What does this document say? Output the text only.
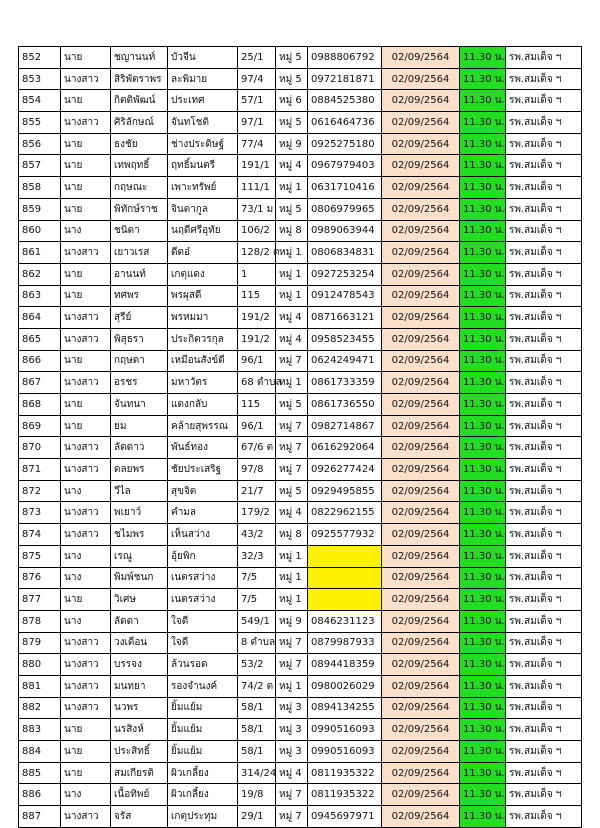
852	นาย	ชญานนท์	บัวจีน	25/1	หมู่ 5	0988806792	02/09/2564	11.30 น.	รพ.สมเด็จ ฯ
853	นางสาว	สิริพัตราพร	ละพิมาย	97/4	หมู่ 5	0972181871	02/09/2564	11.30 น.	รพ.สมเด็จ ฯ
854	นาย	กิตติพัฒน์	ประเทศ	57/1	หมู่ 6	0884525380	02/09/2564	11.30 น.	รพ.สมเด็จ ฯ
855	นางสาว	ศิริลักษณ์	จันทโชติ	97/1	หมู่ 5	0616464736	02/09/2564	11.30 น.	รพ.สมเด็จ ฯ
856	นาย	ธงชัย	ช่างประดิษฐ์	77/4	หมู่ 9	0925275180	02/09/2564	11.30 น.	รพ.สมเด็จ ฯ
857	นาย	เทพฤทธิ์	ฤทธิ์มนตรี	191/1	หมู่ 4	0967979403	02/09/2564	11.30 น.	รพ.สมเด็จ ฯ
858	นาย	กฤษณะ	เพาะทรัพย์	111/1	หมู่ 1	0631710416	02/09/2564	11.30 น.	รพ.สมเด็จ ฯ
859	นาย	พิทักษ์ราช	จินดากูล	73/1 ม	หมู่ 5	0806979965	02/09/2564	11.30 น.	รพ.สมเด็จ ฯ
860	นาง	ชนิดา	นฤดีศรีอุทัย	106/2	หมู่ 8	0989063944	02/09/2564	11.30 น.	รพ.สมเด็จ ฯ
861	นางสาว	เยาวเรส	ดีตอ๋	128/2 ต	หมู่ 1	0806834831	02/09/2564	11.30 น.	รพ.สมเด็จ ฯ
862	นาย	อานนท์	เกตุแดง	1	หมู่ 1	0927253254	02/09/2564	11.30 น.	รพ.สมเด็จ ฯ
863	นาย	ทศพร	พรผุสดี	115	หมู่ 1	0912478543	02/09/2564	11.30 น.	รพ.สมเด็จ ฯ
864	นางสาว	สุรีย์	พรหมมา	191/2	หมู่ 4	0871663121	02/09/2564	11.30 น.	รพ.สมเด็จ ฯ
865	นางสาว	พิสุธรา	ประกิตวรกุล	191/2	หมู่ 4	0958523455	02/09/2564	11.30 น.	รพ.สมเด็จ ฯ
866	นาย	กฤษดา	เหมือนสังข์ดี	96/1	หมู่ 7	0624249471	02/09/2564	11.30 น.	รพ.สมเด็จ ฯ
867	นางสาว	อรชร	มหาวัตร	68 ตำบล	หมู่ 1	0861733359	02/09/2564	11.30 น.	รพ.สมเด็จ ฯ
868	นาย	จันทนา	แดงกลับ	115	หมู่ 5	0861736550	02/09/2564	11.30 น.	รพ.สมเด็จ ฯ
869	นาย	ยม	คล้ายสุพรรณ	96/1	หมู่ 7	0982714867	02/09/2564	11.30 น.	รพ.สมเด็จ ฯ
870	นางสาว	ลัดดาว	พันธ์ทอง	67/6 ต	หมู่ 7	0616292064	02/09/2564	11.30 น.	รพ.สมเด็จ ฯ
871	นางสาว	ดลยพร	ชัยประเสริฐ	97/8	หมู่ 7	0926277424	02/09/2564	11.30 น.	รพ.สมเด็จ ฯ
872	นาง	วีไล	สุขจิต	21/7	หมู่ 5	0929495855	02/09/2564	11.30 น.	รพ.สมเด็จ ฯ
873	นางสาว	พเยาว์	คำมล	179/2	หมู่ 4	0822962155	02/09/2564	11.30 น.	รพ.สมเด็จ ฯ
874	นางสาว	ชไมพร	เห็นสว่าง	43/2	หมู่ 8	0925577932	02/09/2564	11.30 น.	รพ.สมเด็จ ฯ
875	นาง	เรณู	อุ้ยพิก	32/3	หมู่ 1		02/09/2564	11.30 น.	รพ.สมเด็จ ฯ
876	นาง	พิมพ์ชนก	เนตรสว่าง	7/5	หมู่ 1		02/09/2564	11.30 น.	รพ.สมเด็จ ฯ
877	นาย	วิเศษ	เนตรสว่าง	7/5	หมู่ 1		02/09/2564	11.30 น.	รพ.สมเด็จ ฯ
878	นาง	ลัดดา	ใจดี	549/1	หมู่ 9	0846231123	02/09/2564	11.30 น.	รพ.สมเด็จ ฯ
879	นางสาว	วงเดือน	ใจดี	8 ตำบล	หมู่ 7	0879987933	02/09/2564	11.30 น.	รพ.สมเด็จ ฯ
880	นางสาว	บรรจง	ล้วนรอด	53/2	หมู่ 7	0894418359	02/09/2564	11.30 น.	รพ.สมเด็จ ฯ
881	นางสาว	มนทยา	รองจำนงค์	74/2 ต	หมู่ 1	0980026029	02/09/2564	11.30 น.	รพ.สมเด็จ ฯ
882	นางสาว	นวพร	ยิ้มแย้ม	58/1	หมู่ 3	0894134255	02/09/2564	11.30 น.	รพ.สมเด็จ ฯ
883	นาย	นรสิงห์	ยิ้มแย้ม	58/1	หมู่ 3	0990516093	02/09/2564	11.30 น.	รพ.สมเด็จ ฯ
884	นาย	ประสิทธิ์	ยิ้มแย้ม	58/1	หมู่ 3	0990516093	02/09/2564	11.30 น.	รพ.สมเด็จ ฯ
885	นาย	สมเกียรติ	ผิวเกลี้ยง	314/24	หมู่ 4	0811935322	02/09/2564	11.30 น.	รพ.สมเด็จ ฯ
886	นาง	เนื้อทิพย์	ผิวเกลี้ยง	19/8	หมู่ 7	0811935322	02/09/2564	11.30 น.	รพ.สมเด็จ ฯ
887	นางสาว	จรัส	เกตุประทุม	29/1	หมู่ 7	0945697971	02/09/2564	11.30 น.	รพ.สมเด็จ ฯ
